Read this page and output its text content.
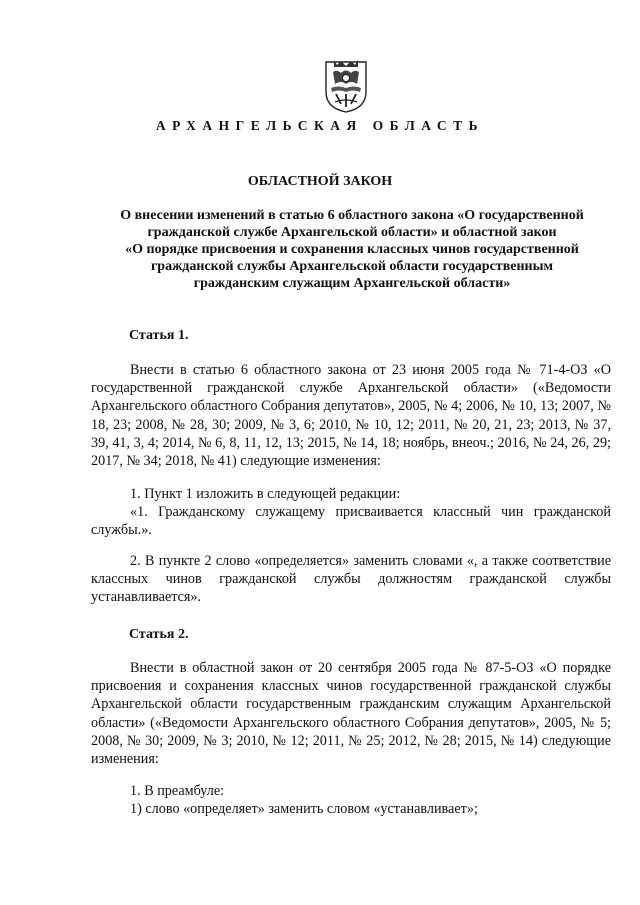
АРХАНГЕЛЬСКАЯ ОБЛАСТЬ
ОБЛАСТНОЙ ЗАКОН
О внесении изменений в статью 6 областного закона «О государственной
гражданской службе Архангельской области» и областной закон
«О порядке присвоения и сохранения классных чинов государственной
гражданской службы Архангельской области государственным
гражданским служащим Архангельской области»
Статья 1.
Внести в статью 6 областного закона от 23 июня 2005 года № 71-4-ОЗ «О государственной гражданской службе Архангельской области» («Ведомости Архангельского областного Собрания депутатов», 2005, № 4; 2006, № 10, 13; 2007, № 18, 23; 2008, № 28, 30; 2009, № 3, 6; 2010, № 10, 12; 2011, № 20, 21, 23; 2013, № 37, 39, 41, 3, 4; 2014, № 6, 8, 11, 12, 13; 2015, № 14, 18; ноябрь, внеоч.; 2016, № 24, 26, 29; 2017, № 34; 2018, № 41) следующие изменения:
1. Пункт 1 изложить в следующей редакции:
«1. Гражданскому служащему присваивается классный чин гражданской службы.».
2. В пункте 2 слово «определяется» заменить словами «, а также соответствие классных чинов гражданской службы должностям гражданской службы устанавливается».
Статья 2.
Внести в областной закон от 20 сентября 2005 года № 87-5-ОЗ «О порядке присвоения и сохранения классных чинов государственной гражданской службы Архангельской области государственным гражданским служащим Архангельской области» («Ведомости Архангельского областного Собрания депутатов», 2005, № 5; 2008, № 30; 2009, № 3; 2010, № 12; 2011, № 25; 2012, № 28; 2015, № 14) следующие изменения:
1. В преамбуле:
1) слово «определяет» заменить словом «устанавливает»;
